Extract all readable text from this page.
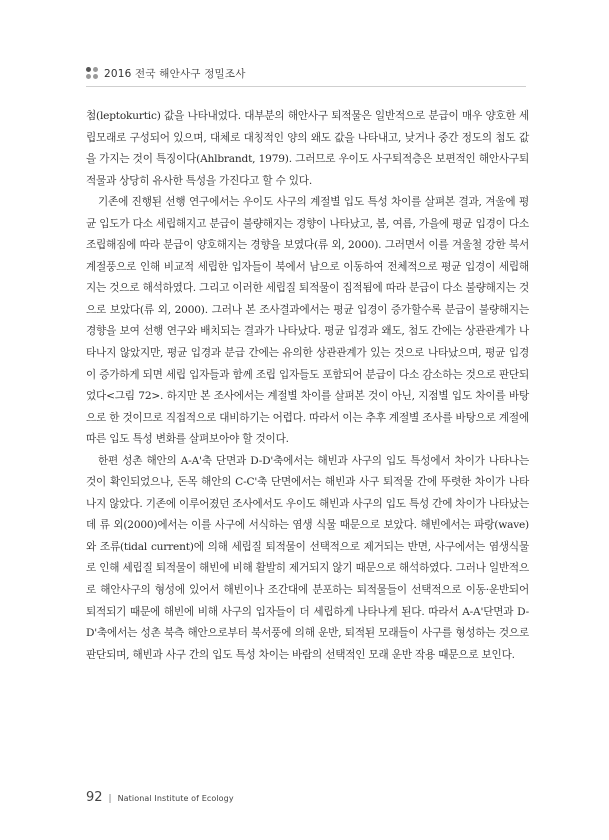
2016 전국 해안사구 정밀조사

첨(leptokurtic) 값을 나타내었다. 대부분의 해안사구 퇴적물은 일반적으로 분급이 매우 양호한 세립모래로 구성되어 있으며, 대체로 대칭적인 양의 왜도 값을 나타내고, 낮거나 중간 정도의 첨도 값을 가지는 것이 특징이다(Ahlbrandt, 1979). 그러므로 우이도 사구퇴적층은 보편적인 해안사구퇴적물과 상당히 유사한 특성을 가진다고 할 수 있다.

기존에 진행된 선행 연구에서는 우이도 사구의 계절별 입도 특성 차이를 살펴본 결과, 겨울에 평균 입도가 다소 세립해지고 분급이 불량해지는 경향이 나타났고, 봄, 여름, 가을에 평균 입경이 다소 조립해짐에 따라 분급이 양호해지는 경향을 보였다(류 외, 2000). 그러면서 이를 겨울철 강한 북서 계절풍으로 인해 비교적 세립한 입자들이 북에서 남으로 이동하여 전체적으로 평균 입경이 세립해지는 것으로 해석하였다. 그리고 이러한 세립질 퇴적물이 집적됨에 따라 분급이 다소 불량해지는 것으로 보았다(류 외, 2000). 그러나 본 조사결과에서는 평균 입경이 증가할수록 분급이 불량해지는 경향을 보여 선행 연구와 배치되는 결과가 나타났다. 평균 입경과 왜도, 첨도 간에는 상관관계가 나타나지 않았지만, 평균 입경과 분급 간에는 유의한 상관관계가 있는 것으로 나타났으며, 평균 입경이 증가하게 되면 세립 입자들과 함께 조립 입자들도 포함되어 분급이 다소 감소하는 것으로 판단되었다<그림 72>. 하지만 본 조사에서는 계절별 차이를 살펴본 것이 아닌, 지점별 입도 차이를 바탕으로 한 것이므로 직접적으로 대비하기는 어렵다. 따라서 이는 추후 계절별 조사를 바탕으로 계절에 따른 입도 특성 변화를 살펴보아야 할 것이다.

한편 성촌 해안의 A-A'축 단면과 D-D'축에서는 해빈과 사구의 입도 특성에서 차이가 나타나는 것이 확인되었으나, 돈목 해안의 C-C'축 단면에서는 해빈과 사구 퇴적물 간에 뚜렷한 차이가 나타나지 않았다. 기존에 이루어졌던 조사에서도 우이도 해빈과 사구의 입도 특성 간에 차이가 나타났는데 류 외(2000)에서는 이를 사구에 서식하는 염생 식물 때문으로 보았다. 해빈에서는 파랑(wave)와 조류(tidal current)에 의해 세립질 퇴적물이 선택적으로 제거되는 반면, 사구에서는 염생식물로 인해 세립질 퇴적물이 해빈에 비해 활발히 제거되지 않기 때문으로 해석하였다. 그러나 일반적으로 해안사구의 형성에 있어서 해빈이나 조간대에 분포하는 퇴적물들이 선택적으로 이동·운반되어 퇴적되기 때문에 해빈에 비해 사구의 입자들이 더 세립하게 나타나게 된다. 따라서 A-A'단면과 D-D'축에서는 성촌 북측 해안으로부터 북서풍에 의해 운반, 퇴적된 모래들이 사구를 형성하는 것으로 판단되며, 해빈과 사구 간의 입도 특성 차이는 바람의 선택적인 모래 운반 작용 때문으로 보인다.

92 | National Institute of Ecology
